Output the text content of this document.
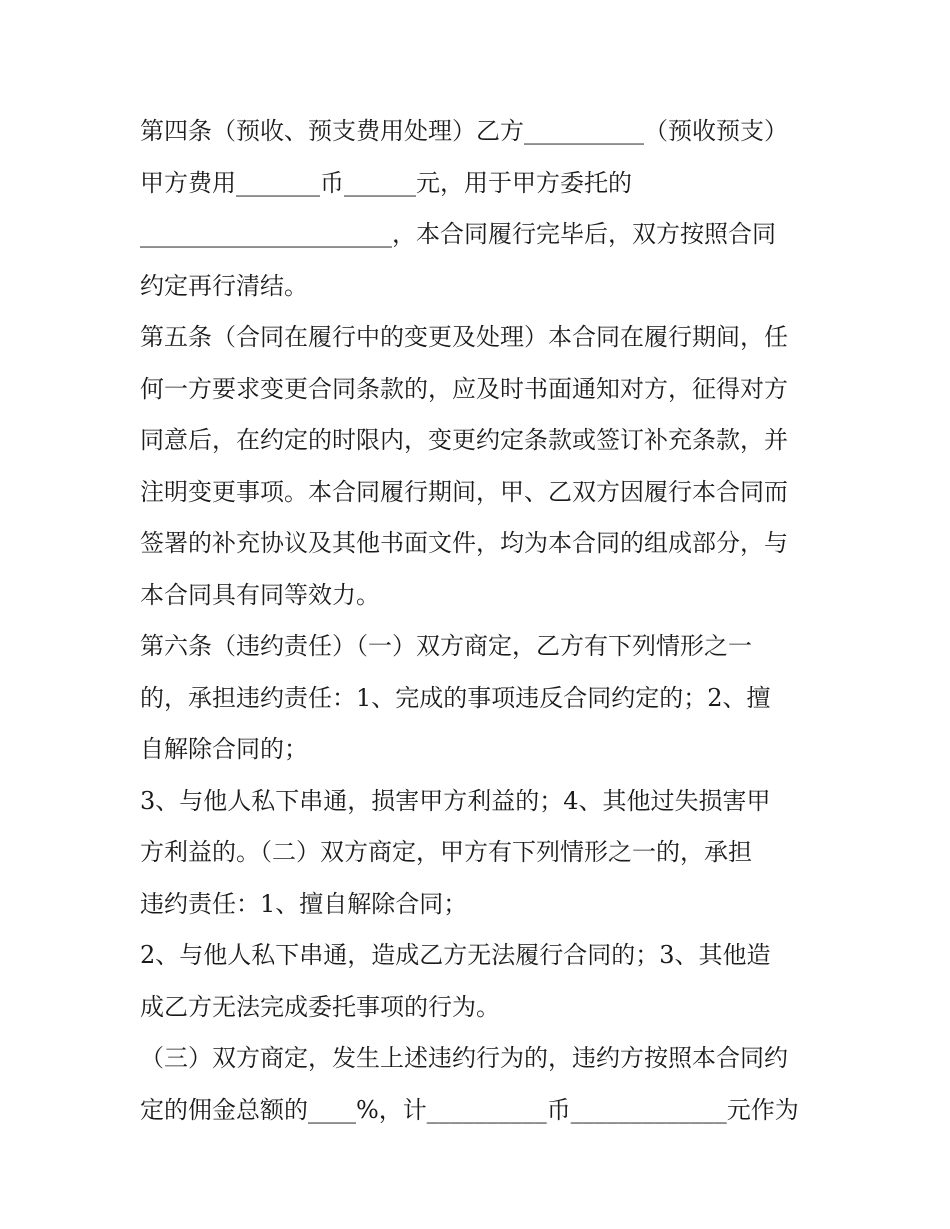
第四条（预收、预支费用处理）乙方__________（预收预支）
甲方费用_______币______元，用于甲方委托的
_____________________，本合同履行完毕后，双方按照合同
约定再行清结。
第五条（合同在履行中的变更及处理）本合同在履行期间，任
何一方要求变更合同条款的，应及时书面通知对方，征得对方
同意后，在约定的时限内，变更约定条款或签订补充条款，并
注明变更事项。本合同履行期间，甲、乙双方因履行本合同而
签署的补充协议及其他书面文件，均为本合同的组成部分，与
本合同具有同等效力。
第六条（违约责任）（一）双方商定，乙方有下列情形之一
的，承担违约责任：1、完成的事项违反合同约定的；2、擅
自解除合同的；
3、与他人私下串通，损害甲方利益的；4、其他过失损害甲
方利益的。（二）双方商定，甲方有下列情形之一的，承担
违约责任：1、擅自解除合同；
2、与他人私下串通，造成乙方无法履行合同的；3、其他造
成乙方无法完成委托事项的行为。
（三）双方商定，发生上述违约行为的，违约方按照本合同约
定的佣金总额的____%，计__________币_____________元作为
